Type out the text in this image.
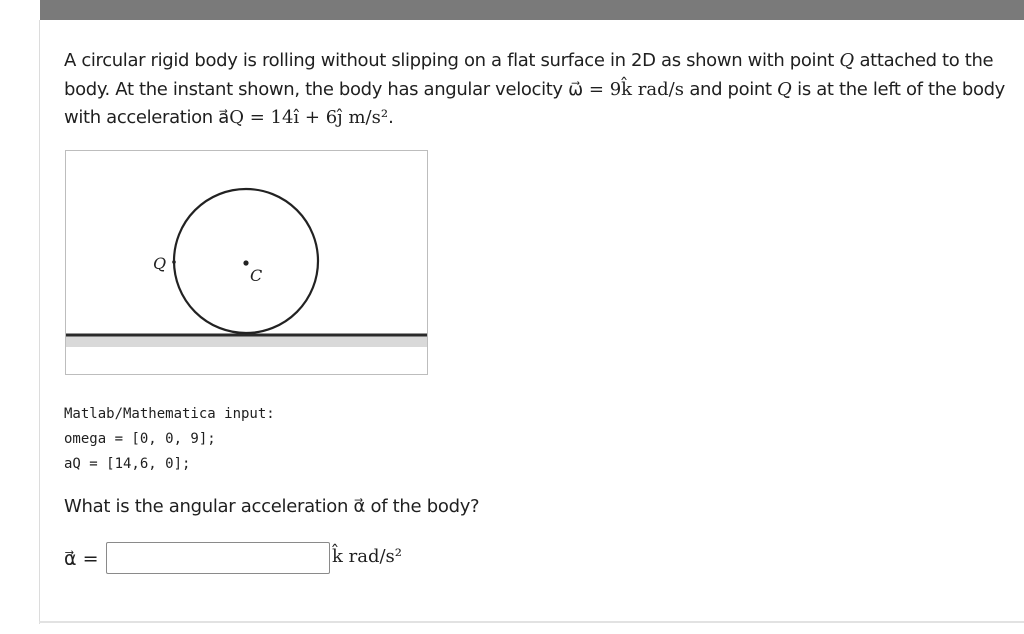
A circular rigid body is rolling without slipping on a flat surface in 2D as shown with point Q attached to the
body. At the instant shown, the body has angular velocity ω⃗ = 9k̂ rad/s and point Q is at the left of the body
with acceleration a⃗Q = 14î + 6ĵ m/s².
Q
C
Matlab/Mathematica input:
omega = [0, 0, 9];
aQ = [14,6, 0];
What is the angular acceleration α⃗ of the body?
α⃗ =	k̂ rad/s²
